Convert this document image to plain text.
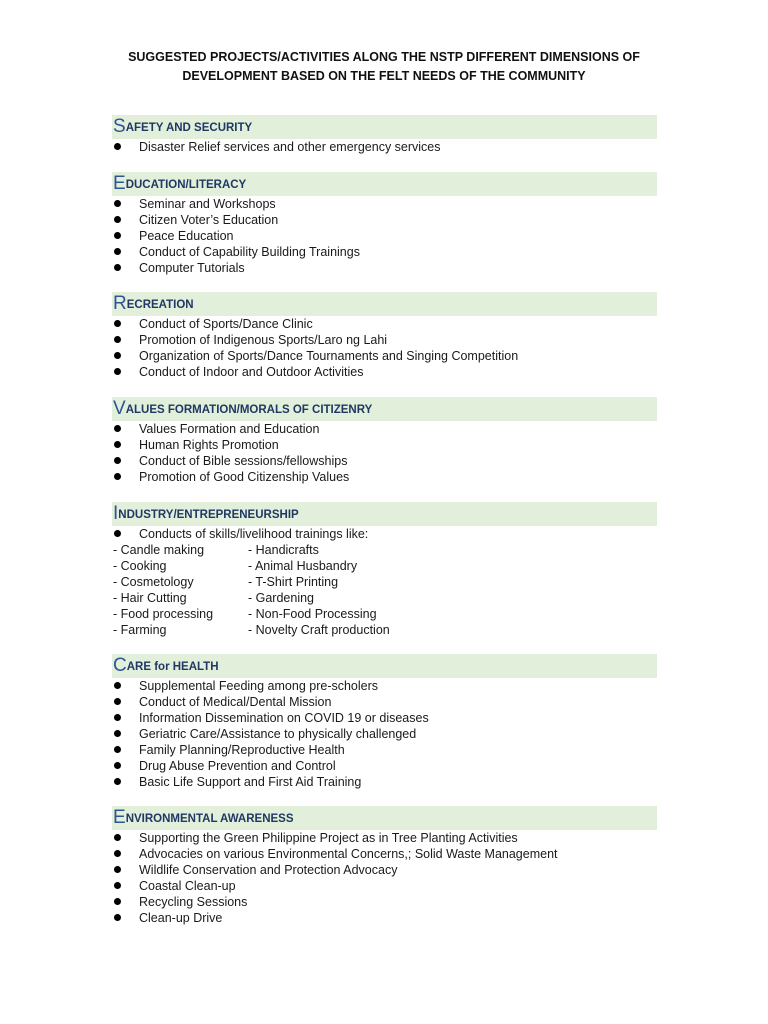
SUGGESTED PROJECTS/ACTIVITIES ALONG THE NSTP DIFFERENT DIMENSIONS OF
DEVELOPMENT BASED ON THE FELT NEEDS OF THE COMMUNITY
S AFETY AND SECURITY
Disaster Relief services and other emergency services
E DUCATION/LITERACY
Seminar and Workshops
Citizen Voter’s Education
Peace Education
Conduct of Capability Building Trainings
Computer Tutorials
R ECREATION
Conduct of Sports/Dance Clinic
Promotion of Indigenous Sports/Laro ng Lahi
Organization of Sports/Dance Tournaments and Singing Competition
Conduct of Indoor and Outdoor Activities
V ALUES FORMATION/MORALS OF CITIZENRY
Values Formation and Education
Human Rights Promotion
Conduct of Bible sessions/fellowships
Promotion of Good Citizenship Values
I NDUSTRY/ENTREPRENEURSHIP
Conducts of skills/livelihood trainings like:
- Candle making	- Handicrafts
- Cooking	- Animal Husbandry
- Cosmetology	- T-Shirt Printing
- Hair Cutting	- Gardening
- Food processing	- Non-Food Processing
- Farming	- Novelty Craft production
C ARE for HEALTH
Supplemental Feeding among pre-scholers
Conduct of Medical/Dental Mission
Information Dissemination on COVID 19 or diseases
Geriatric Care/Assistance to physically challenged
Family Planning/Reproductive Health
Drug Abuse Prevention and Control
Basic Life Support and First Aid Training
E NVIRONMENTAL AWARENESS
Supporting the Green Philippine Project as in Tree Planting Activities
Advocacies on various Environmental Concerns,; Solid Waste Management
Wildlife Conservation and Protection Advocacy
Coastal Clean-up
Recycling Sessions
Clean-up Drive
